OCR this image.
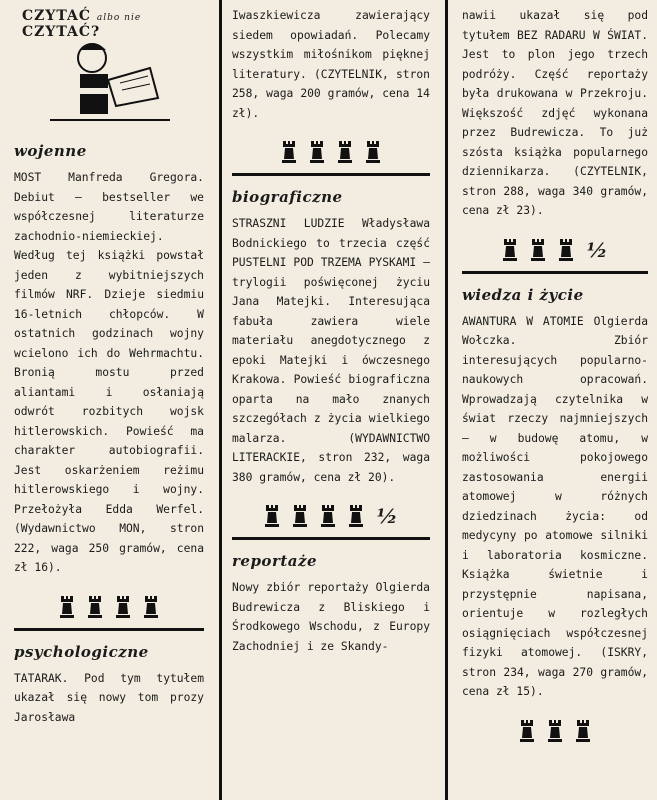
CZYTAĆ albo nie CZYTAĆ?
wojenne

MOST Manfreda Gregora. Debiut — bestseller we współczesnej literaturze zachodnio-niemieckiej. Według tej książki powstał jeden z wybitniejszych filmów NRF. Dzieje siedmiu 16-letnich chłopców. W ostatnich godzinach wojny wcielono ich do Wehrmachtu. Bronią mostu przed aliantami i osłaniają odwrót rozbitych wojsk hitlerowskich. Powieść ma charakter autobiografii. Jest oskarżeniem reżimu hitlerowskiego i wojny. Przełożyła Edda Werfel. (Wydawnictwo MON, stron 222, waga 250 gramów, cena zł 16).

psychologiczne

TATARAK. Pod tym tytułem ukazał się nowy tom prozy Jarosława

Iwaszkiewicza zawierający siedem opowiadań. Polecamy wszystkim miłośnikom pięknej literatury. (CZYTELNIK, stron 258, waga 200 gramów, cena 14 zł).

biograficzne

STRASZNI LUDZIE Władysława Bodnickiego to trzecia część PUSTELNI POD TRZEMA PYSKAMI — trylogii poświęconej życiu Jana Matejki. Interesująca fabuła zawiera wiele materiału anegdotycznego z epoki Matejki i ówczesnego Krakowa. Powieść biograficzna oparta na mało znanych szczegółach z życia wielkiego malarza. (WYDAWNICTWO LITERACKIE, stron 232, waga 380 gramów, cena zł 20).

½
reportaże

Nowy zbiór reportaży Olgierda Budrewicza z Bliskiego i Środkowego Wschodu, z Europy Zachodniej i ze Skandy-

nawii ukazał się pod tytułem BEZ RADARU W ŚWIAT. Jest to plon jego trzech podróży. Część reportaży była drukowana w Przekroju. Większość zdjęć wykonana przez Budrewicza. To już szósta książka popularnego dziennikarza. (CZYTELNIK, stron 288, waga 340 gramów, cena zł 23).

½
wiedza i życie

AWANTURA W ATOMIE Olgierda Wołczka. Zbiór interesujących popularno-naukowych opracowań. Wprowadzają czytelnika w świat rzeczy najmniejszych — w budowę atomu, w możliwości pokojowego zastosowania energii atomowej w różnych dziedzinach życia: od medycyny po atomowe silniki i laboratoria kosmiczne. Książka świetnie i przystępnie napisana, orientuje w rozległych osiągnięciach współczesnej fizyki atomowej. (ISKRY, stron 234, waga 270 gramów, cena zł 15).
